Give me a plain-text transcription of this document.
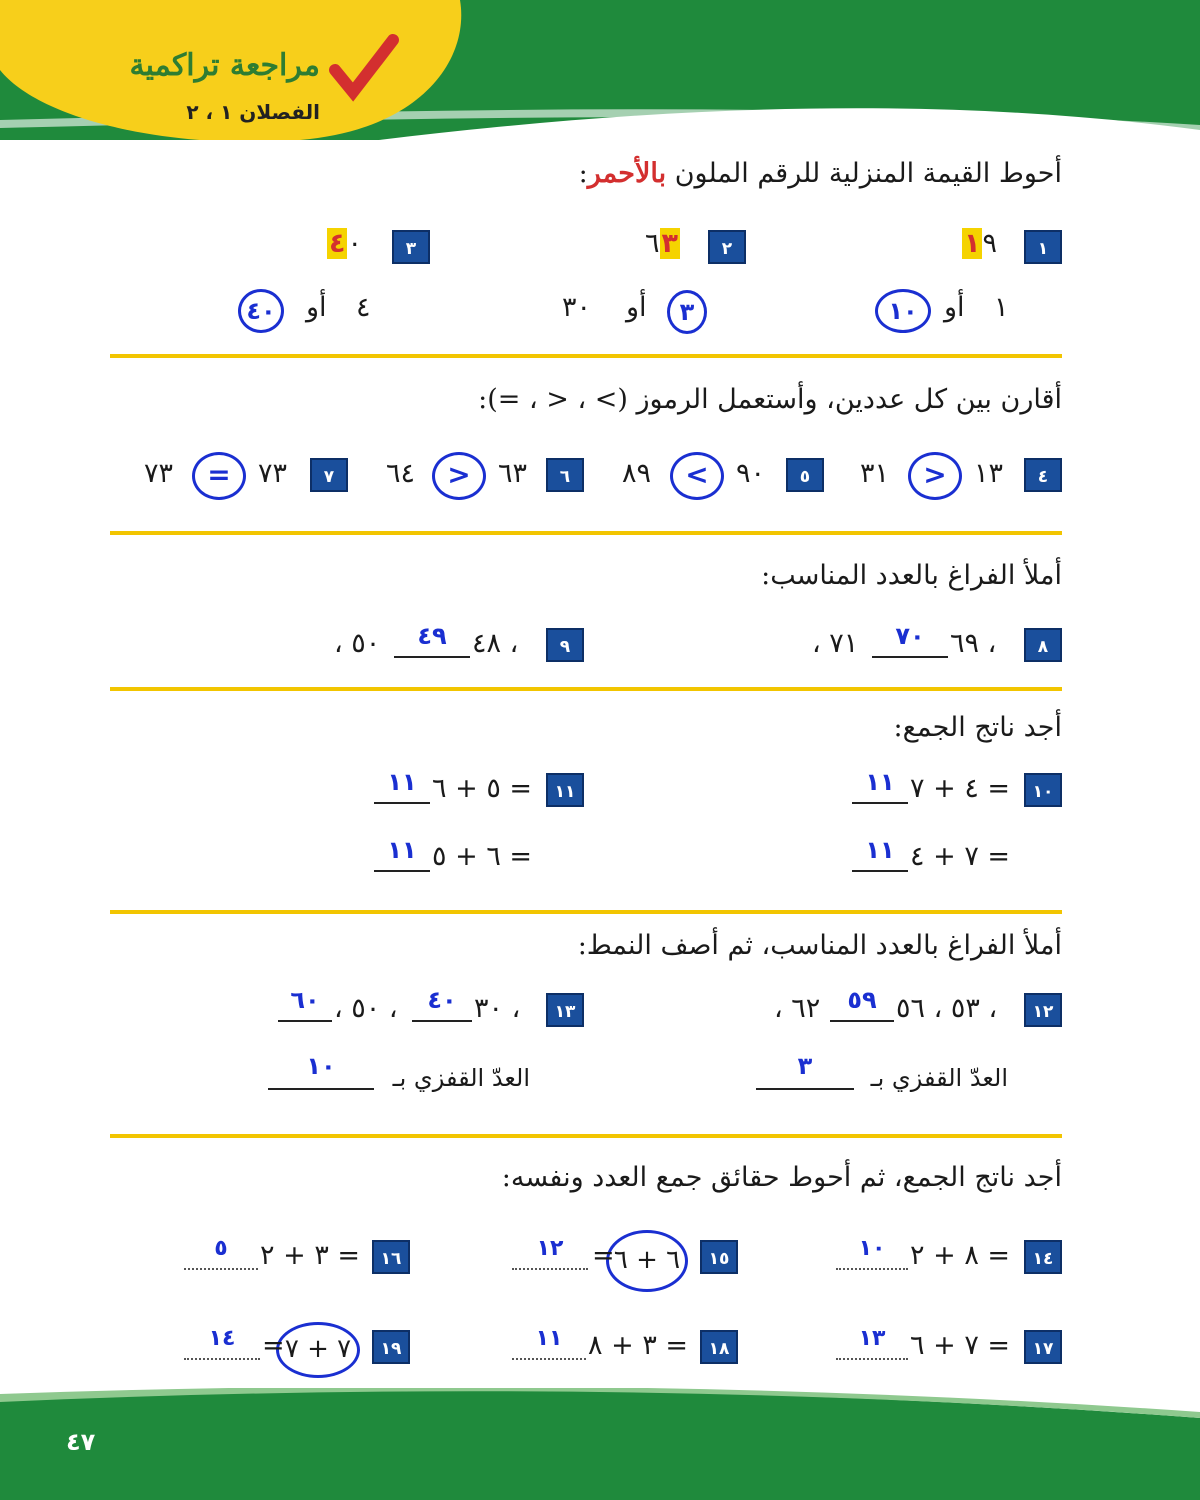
مراجعة تراكمية
الفصلان ١ ، ٢
أحوط القيمة المنزلية للرقم الملون بالأحمر:
١
١٩
١
أو
١٠
٢
٦٣
٣
أو
٣٠
٣
٤٠
٤
أو
٤٠
أقارن بين كل عددين، وأستعمل الرموز (> ، < ، =):
٤
١٣
>
٣١
٥
٩٠
<
٨٩
٦
٦٣
>
٦٤
٧
٧٣
=
٧٣
أملأ الفراغ بالعدد المناسب:
٨
٦٩ ،
٧٠
، ٧١
٩
٤٨ ،
٤٩
، ٥٠
أجد ناتج الجمع:
١٠
٤ + ٧ =
١١
٧ + ٤ =
١١
١١
٥ + ٦ =
١١
٦ + ٥ =
١١
أملأ الفراغ بالعدد المناسب، ثم أصف النمط:
١٢
٥٣ ، ٥٦ ،
٥٩
، ٦٢
العدّ القفزي بـ
٣
١٣
٣٠ ،
٤٠
، ٥٠ ،
٦٠
العدّ القفزي بـ
١٠
أجد ناتج الجمع، ثم أحوط حقائق جمع العدد ونفسه:
١٤
٨ + ٢ =
١٠
١٥
٦ + ٦
=
١٢
١٦
٣ + ٢ =
٥
١٧
٧ + ٦ =
١٣
١٨
٣ + ٨ =
١١
١٩
٧ + ٧
=
١٤
٤٧
